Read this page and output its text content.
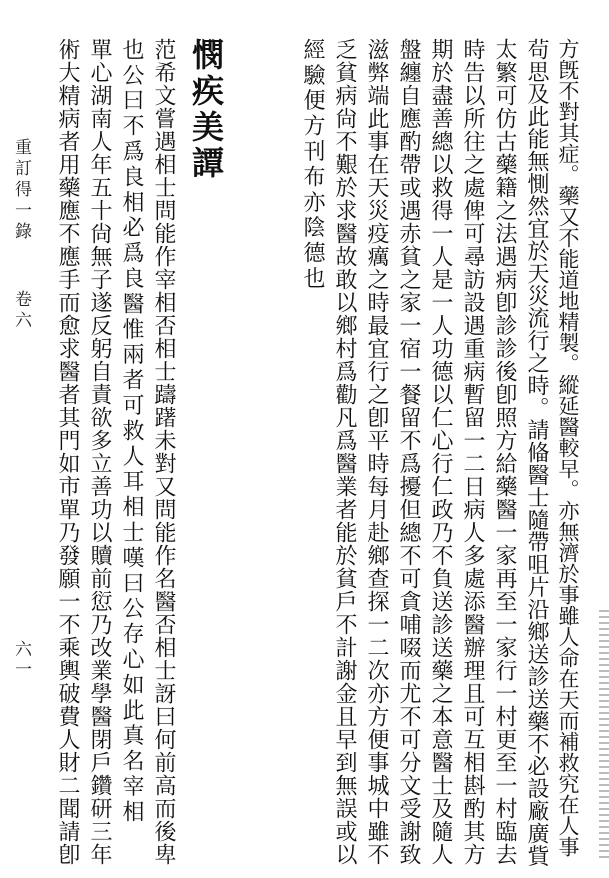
重訂得一錄
卷六
六一	方旣不對其症。藥又不能道地精製。縱延醫較早。亦無濟於事雖人命在天而補救究在人事
茍思及此能無惻然宜於天災流行之時。請偹醫士隨帶咀片沿鄉送診送藥不必設廠廣貲
太繁可仿古藥籍之法遇病卽診診後卽照方給藥醫一家再至一家行一村更至一村臨去
時告以所往之處俾可尋訪設遇重病暫留一二日病人多處添醫辦理且可互相斟酌其方
期於盡善總以救得一人是一人功德以仁心行仁政乃不負送診送藥之本意醫士及隨人
盤纏自應酌帶或遇赤貧之家一宿一餐留不爲擾但總不可貪哺啜而尤不可分文受謝致
滋弊端此事在天災疫癘之時最宜行之卽平時每月赴鄉查探一二次亦方便事城中雖不
乏貧病尙不艱於求醫故敢以鄉村爲勸凡爲醫業者能於貧戶不計謝金且早到無誤或以
經驗便方刊布亦陰德也
憫疾美譚
范希文嘗遇相士問能作宰相否相士躊躇未對又問能作名醫否相士訝曰何前高而後卑
也公曰不爲良相必爲良醫惟兩者可救人耳相士嘆曰公存心如此真名宰相
單心湖南人年五十尙無子遂反躬自責欲多立善功以贖前愆乃改業學醫閉戶鑽研三年
術大精病者用藥應不應手而愈求醫者其門如市單乃發願一不乘輿破費人財二聞請卽
